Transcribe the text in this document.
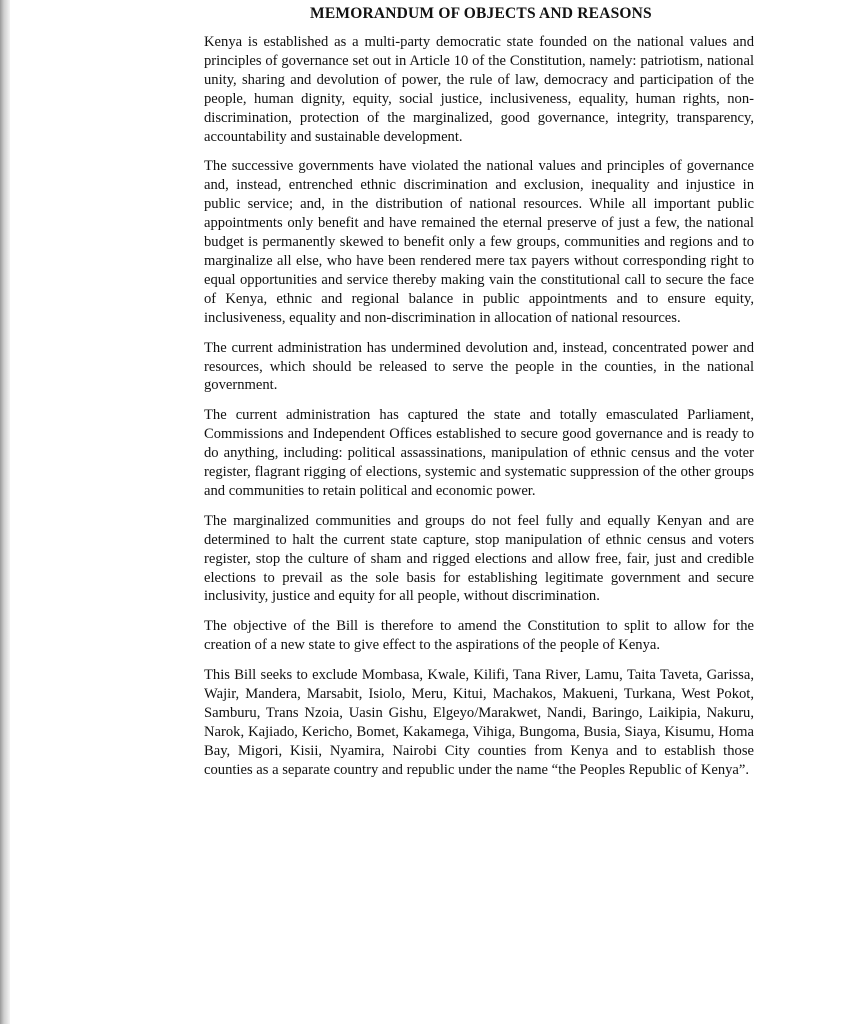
MEMORANDUM OF OBJECTS AND REASONS

Kenya is established as a multi-party democratic state founded on the national values and principles of governance set out in Article 10 of the Constitution, namely: patriotism, national unity, sharing and devolution of power, the rule of law, democracy and participation of the people, human dignity, equity, social justice, inclusiveness, equality, human rights, non-discrimination, protection of the marginalized, good governance, integrity, transparency, accountability and sustainable development.

The successive governments have violated the national values and principles of governance and, instead, entrenched ethnic discrimination and exclusion, inequality and injustice in public service; and, in the distribution of national resources. While all important public appointments only benefit and have remained the eternal preserve of just a few, the national budget is permanently skewed to benefit only a few groups, communities and regions and to marginalize all else, who have been rendered mere tax payers without corresponding right to equal opportunities and service thereby making vain the constitutional call to secure the face of Kenya, ethnic and regional balance in public appointments and to ensure equity, inclusiveness, equality and non-discrimination in allocation of national resources.

The current administration has undermined devolution and, instead, concentrated power and resources, which should be released to serve the people in the counties, in the national government.

The current administration has captured the state and totally emasculated Parliament, Commissions and Independent Offices established to secure good governance and is ready to do anything, including: political assassinations, manipulation of ethnic census and the voter register, flagrant rigging of elections, systemic and systematic suppression of the other groups and communities to retain political and economic power.

The marginalized communities and groups do not feel fully and equally Kenyan and are determined to halt the current state capture, stop manipulation of ethnic census and voters register, stop the culture of sham and rigged elections and allow free, fair, just and credible elections to prevail as the sole basis for establishing legitimate government and secure inclusivity, justice and equity for all people, without discrimination.

The objective of the Bill is therefore to amend the Constitution to split to allow for the creation of a new state to give effect to the aspirations of the people of Kenya.

This Bill seeks to exclude Mombasa, Kwale, Kilifi, Tana River, Lamu, Taita Taveta, Garissa, Wajir, Mandera, Marsabit, Isiolo, Meru, Kitui, Machakos, Makueni, Turkana, West Pokot, Samburu, Trans Nzoia, Uasin Gishu, Elgeyo/Marakwet, Nandi, Baringo, Laikipia, Nakuru, Narok, Kajiado, Kericho, Bomet, Kakamega, Vihiga, Bungoma, Busia, Siaya, Kisumu, Homa Bay, Migori, Kisii, Nyamira, Nairobi City counties from Kenya and to establish those counties as a separate country and republic under the name “the Peoples Republic of Kenya”.
